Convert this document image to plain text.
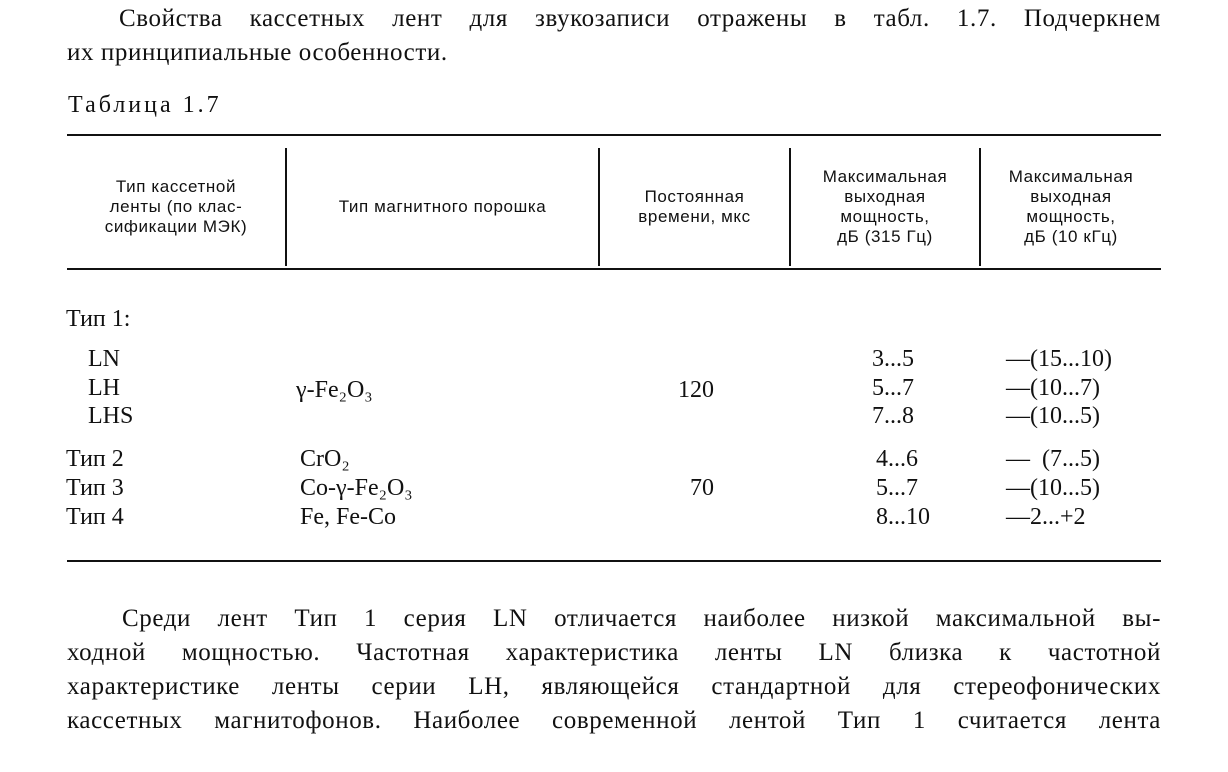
Свойства кассетных лент для звукозаписи отражены в табл. 1.7. Подчеркнем
их принципиальные особенности.

Таблица 1.7
Тип кассетной
ленты (по клас-
сификации МЭК)
Тип магнитного порошка
Постоянная
времени, мкс
Максимальная
выходная
мощность,
дБ (315 Гц)
Максимальная
выходная
мощность,
дБ (10 кГц)
Тип 1:
LN
LH
LHS
Тип 2
Тип 3
Тип 4
γ-Fe₂O₃
CrO₂
Co-γ-Fe₂O₃
Fe, Fe-Co
120
70
3...5
5...7
7...8
4...6
5...7
8...10
—(15...10)
—(10...7)
—(10...5)
—  (7...5)
—(10...5)
—2...+2

Среди лент Тип 1 серия LN отличается наиболее низкой максимальной вы-
ходной мощностью. Частотная характеристика ленты LN близка к частотной
характеристике ленты серии LH, являющейся стандартной для стереофонических
кассетных магнитофонов. Наиболее современной лентой Тип 1 считается лента
